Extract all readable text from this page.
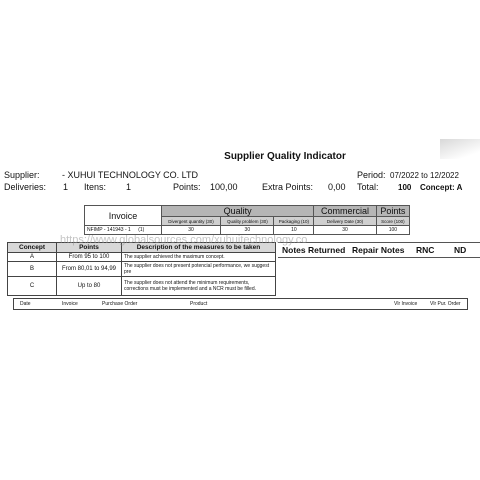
Supplier Quality Indicator
Supplier: - XUHUI TECHNOLOGY CO. LTD	Period: 07/2022 to 12/2022
Deliveries: 1 Itens: 1	Points: 100,00	Extra Points: 0,00 Total: 100 Concept: A
Invoice	Quality			Commercial	Points
	Divergent quantity (30)	Quality problem (30)	Packaging (10)	Delivery Date (30)	Score (100)
NFIMP - 141943 - 1 (1)	30	30	10	30	100
Concept	Points	Description of the measures to be taken
A	From 95 to 100	The supplier achieved the maximum concept.
B	From 80,01 to 94,99	The supplier does not present potencial performance, we suggest pre
C	Up to 80	The supplier does not attend the minimum requirements, corrections must be implemented and a NCR must be filled.
Notes Returned Repair Notes RNC ND
Date	Invoice	Purchase Order	Product	Vlr Invoice	Vlr Pur. Order
https://www.globalsources.com/xuhuitechnology.co
